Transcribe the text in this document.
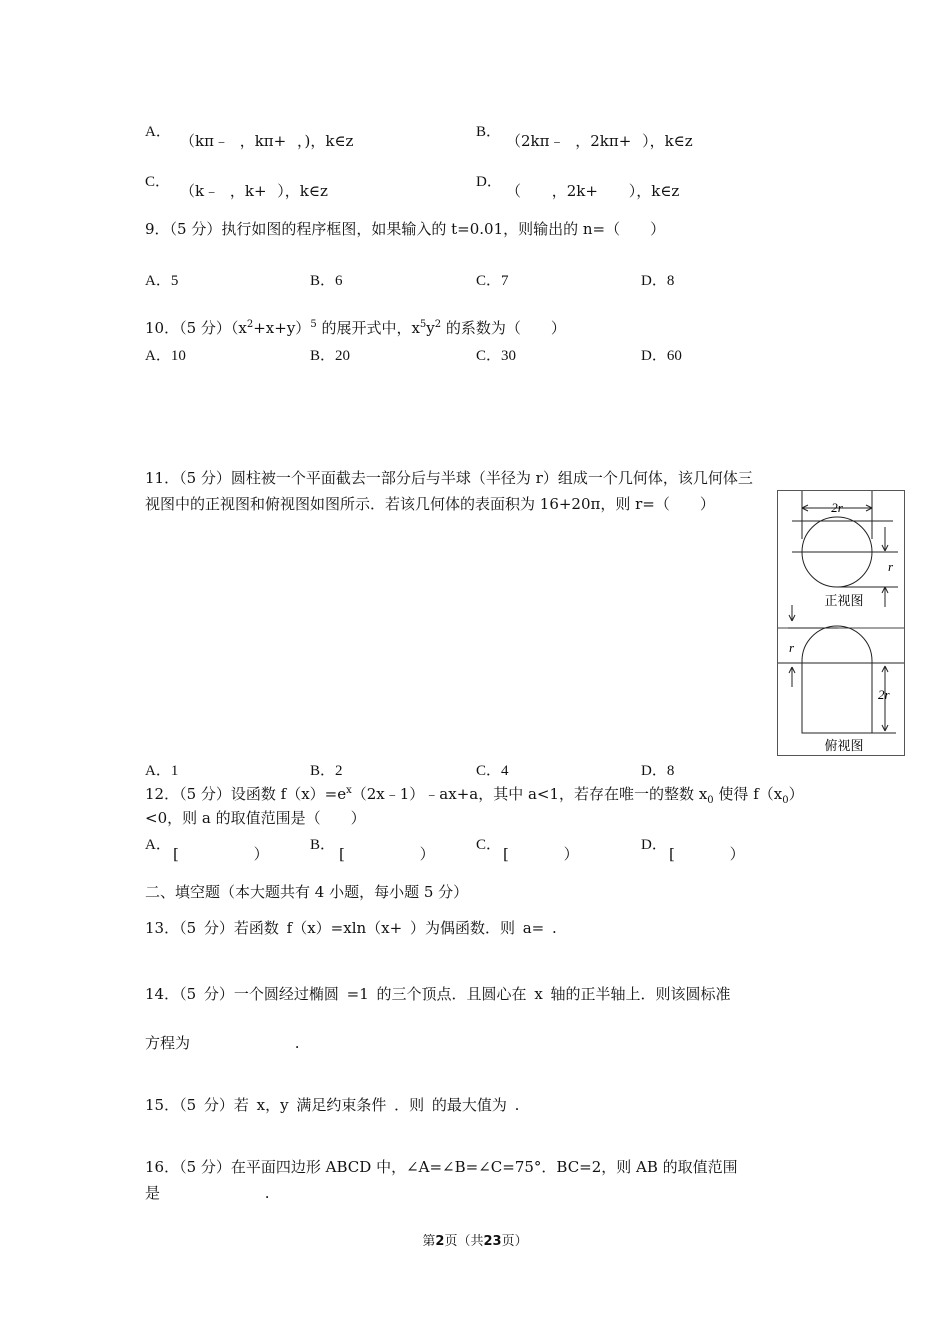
A． （kπ﹣ ，kπ+ ，)，k∈z	B． （2kπ﹣ ，2kπ+ ），k∈z
C． （k﹣ ，k+ ），k∈z	D． （ ，2k+ ），k∈z
9．（5 分）执行如图的程序框图，如果输入的 t=0.01，则输出的 n=（　　）
A．5	B．6	C．7	D．8
10．（5 分）$(x^2+x+y)^5$ 的展开式中，$x^5y^2$ 的系数为（　　）
A．10	B．20	C．30	D．60
11．（5 分）圆柱被一个平面截去一部分后与半球（半径为 r）组成一个几何体，该几何体三
视图中的正视图和俯视图如图所示．若该几何体的表面积为 16+20π，则 r=（　　）	2r
r
正视图
r
2r
俯视图
A．1	B．2	C．4	D．8
12．（5 分）设函数 $f(x)=e^x(2x﹣1)﹣ax+a$，其中 a<1，若存在唯一的整数 $x_0$ 使得 $f(x_0)$
<0，则 a 的取值范围是（　　）
A． [ ）	B． [ ）	C． [ ）	D． [ ）
二、填空题（本大题共有 4 小题，每小题 5 分）
13．（5 分）若函数 f（x）=xln（x+ ）为偶函数．则 a= .
14．（5 分）一个圆经过椭圆 =1 的三个顶点．且圆心在 x 轴的正半轴上．则该圆标准
方程为 .
15．（5 分）若 x，y 满足约束条件 ．则 的最大值为 .
16．（5 分）在平面四边形 ABCD 中，∠A=∠B=∠C=75°．BC=2，则 AB 的取值范围
是 .
第2页（共23页）
